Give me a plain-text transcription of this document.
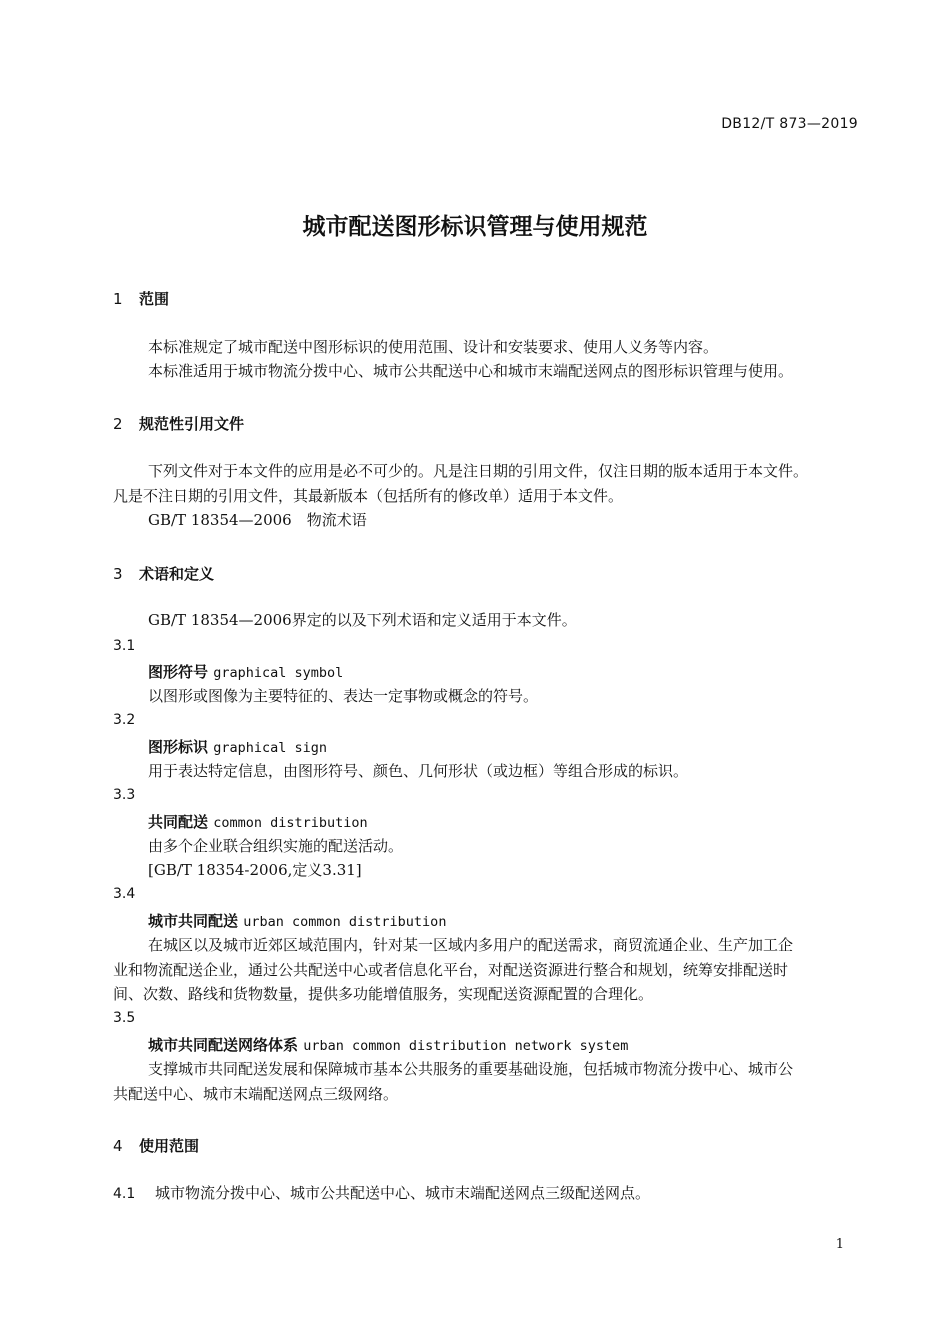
DB12/T 873—2019
城市配送图形标识管理与使用规范
1 范围
本标准规定了城市配送中图形标识的使用范围、设计和安装要求、使用人义务等内容。
本标准适用于城市物流分拨中心、城市公共配送中心和城市末端配送网点的图形标识管理与使用。
2 规范性引用文件
下列文件对于本文件的应用是必不可少的。凡是注日期的引用文件，仅注日期的版本适用于本文件。
凡是不注日期的引用文件，其最新版本（包括所有的修改单）适用于本文件。
GB/T 18354—2006　物流术语
3 术语和定义
GB/T 18354—2006界定的以及下列术语和定义适用于本文件。
3.1
图形符号 graphical symbol
以图形或图像为主要特征的、表达一定事物或概念的符号。
3.2
图形标识 graphical sign
用于表达特定信息，由图形符号、颜色、几何形状（或边框）等组合形成的标识。
3.3
共同配送 common distribution
由多个企业联合组织实施的配送活动。
[GB/T 18354-2006,定义3.31]
3.4
城市共同配送 urban common distribution
在城区以及城市近郊区域范围内，针对某一区域内多用户的配送需求，商贸流通企业、生产加工企
业和物流配送企业，通过公共配送中心或者信息化平台，对配送资源进行整合和规划，统筹安排配送时
间、次数、路线和货物数量，提供多功能增值服务，实现配送资源配置的合理化。
3.5
城市共同配送网络体系 urban common distribution network system
支撑城市共同配送发展和保障城市基本公共服务的重要基础设施，包括城市物流分拨中心、城市公
共配送中心、城市末端配送网点三级网络。
4 使用范围
4.1 城市物流分拨中心、城市公共配送中心、城市末端配送网点三级配送网点。
1
